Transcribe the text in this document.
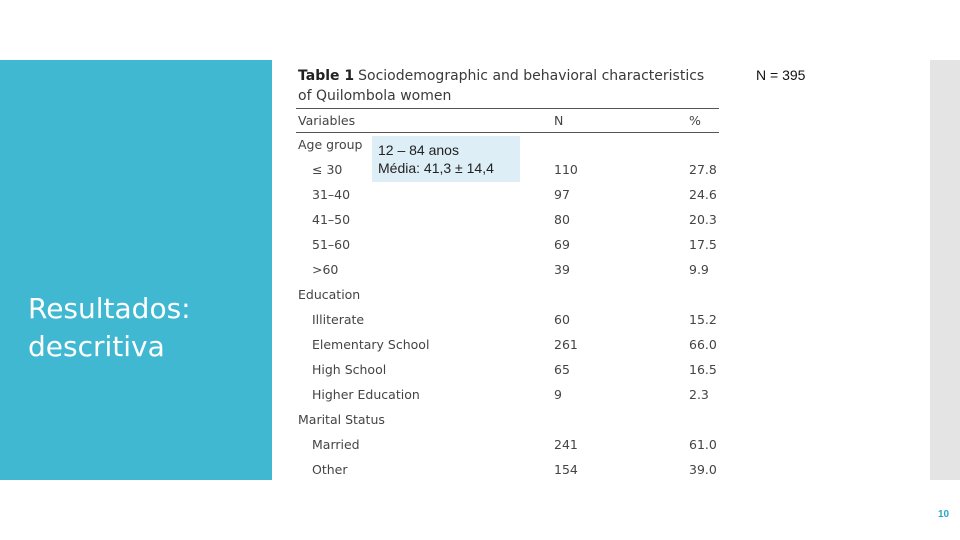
Resultados:
descritiva
N = 395
Table 1 Sociodemographic and behavioral characteristics of Quilombola women
Variables	N	%
Age group
≤ 30	110	27.8
31–40	97	24.6
41–50	80	20.3
51–60	69	17.5
>60	39	9.9
Education
Illiterate	60	15.2
Elementary School	261	66.0
High School	65	16.5
Higher Education	9	2.3
Marital Status
Married	241	61.0
Other	154	39.0
12 – 84 anos
Média: 41,3 ± 14,4
10
